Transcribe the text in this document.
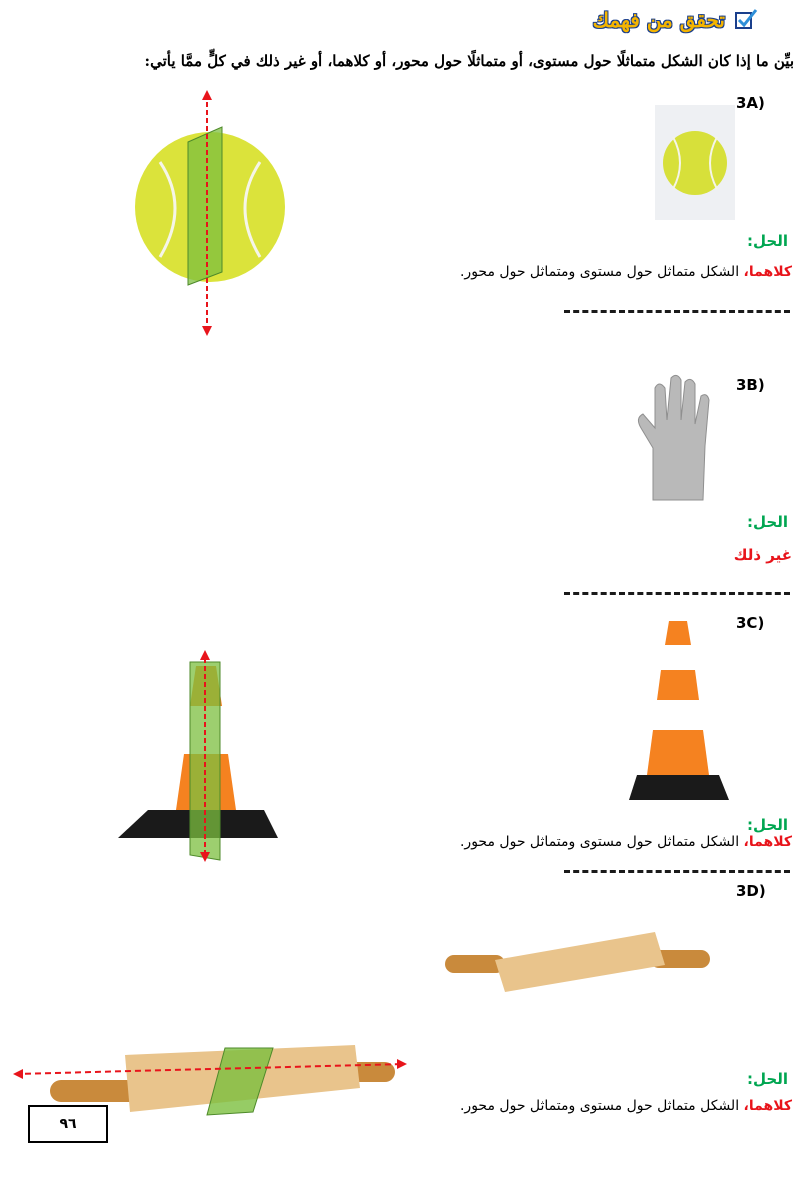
تحقق من فهمك
بيِّن ما إذا كان الشكل متماثلًا حول مستوى، أو متماثلًا حول محور، أو كلاهما، أو غير ذلك في كلٍّ ممَّا يأتي:
3A)
الحل:
كلاهما، الشكل متماثل حول مستوى ومتماثل حول محور.
3B)
الحل:
غير ذلك
3C)
الحل:
كلاهما، الشكل متماثل حول مستوى ومتماثل حول محور.
3D)
الحل:
كلاهما، الشكل متماثل حول مستوى ومتماثل حول محور.
٩٦
